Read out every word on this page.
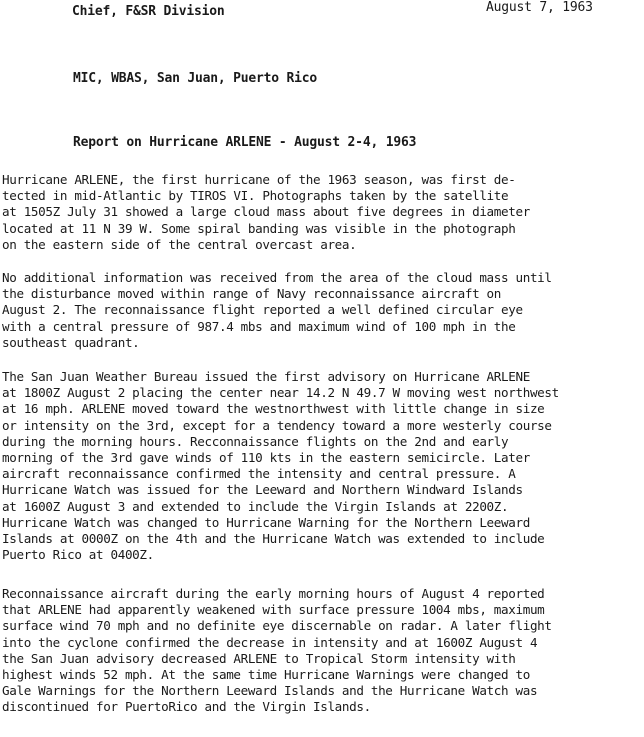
Chief, F&SR Division	August 7, 1963
MIC, WBAS, San Juan, Puerto Rico
Report on Hurricane ARLENE - August 2-4, 1963
Hurricane ARLENE, the first hurricane of the 1963 season, was first de-
tected in mid-Atlantic by TIROS VI. Photographs taken by the satellite
at 1505Z July 31 showed a large cloud mass about five degrees in diameter
located at 11 N 39 W. Some spiral banding was visible in the photograph
on the eastern side of the central overcast area.
No additional information was received from the area of the cloud mass until
the disturbance moved within range of Navy reconnaissance aircraft on
August 2. The reconnaissance flight reported a well defined circular eye
with a central pressure of 987.4 mbs and maximum wind of 100 mph in the
southeast quadrant.
The San Juan Weather Bureau issued the first advisory on Hurricane ARLENE
at 1800Z August 2 placing the center near 14.2 N 49.7 W moving west northwest
at 16 mph. ARLENE moved toward the westnorthwest with little change in size
or intensity on the 3rd, except for a tendency toward a more westerly course
during the morning hours. Recconnaissance flights on the 2nd and early
morning of the 3rd gave winds of 110 kts in the eastern semicircle. Later
aircraft reconnaissance confirmed the intensity and central pressure. A
Hurricane Watch was issued for the Leeward and Northern Windward Islands
at 1600Z August 3 and extended to include the Virgin Islands at 2200Z.
Hurricane Watch was changed to Hurricane Warning for the Northern Leeward
Islands at 0000Z on the 4th and the Hurricane Watch was extended to include
Puerto Rico at 0400Z.
Reconnaissance aircraft during the early morning hours of August 4 reported
that ARLENE had apparently weakened with surface pressure 1004 mbs, maximum
surface wind 70 mph and no definite eye discernable on radar. A later flight
into the cyclone confirmed the decrease in intensity and at 1600Z August 4
the San Juan advisory decreased ARLENE to Tropical Storm intensity with
highest winds 52 mph. At the same time Hurricane Warnings were changed to
Gale Warnings for the Northern Leeward Islands and the Hurricane Watch was
discontinued for PuertoRico and the Virgin Islands.
